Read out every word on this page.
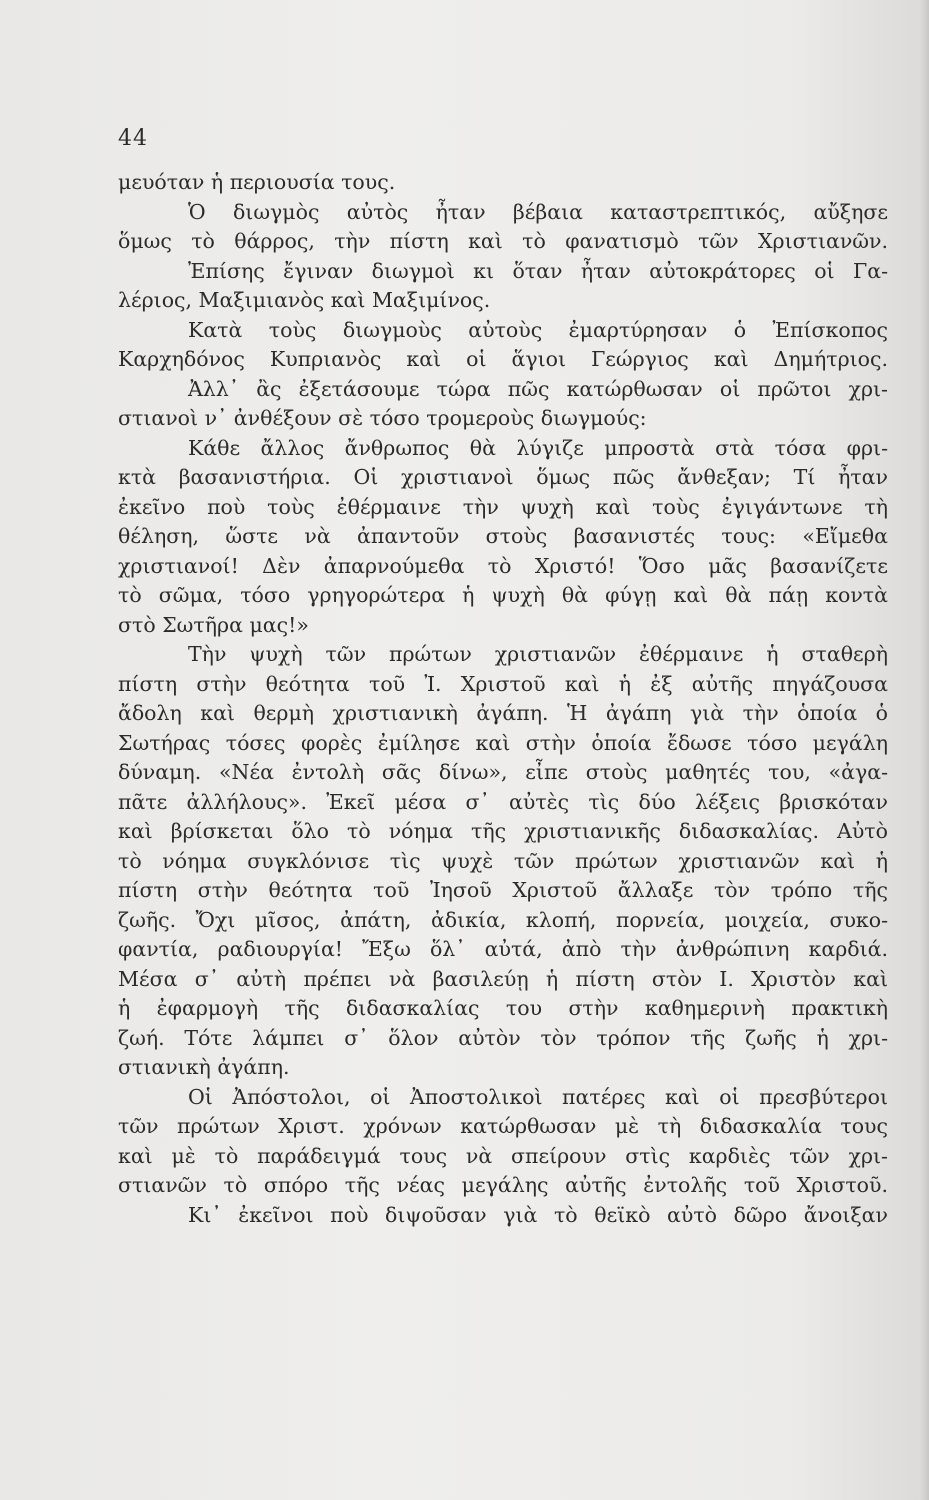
44
μευόταν ἡ περιουσία τους.
Ὁ διωγμὸς αὐτὸς ἦταν βέβαια καταστρεπτικός, αὔξησε
ὅμως τὸ θάρρος, τὴν πίστη καὶ τὸ φανατισμὸ τῶν Χριστιανῶν.
Ἐπίσης ἔγιναν διωγμοὶ κι ὅταν ἦταν αὐτοκράτορες οἱ Γα-
λέριος, Μαξιμιανὸς καὶ Μαξιμίνος.
Κατὰ τοὺς διωγμοὺς αὐτοὺς ἐμαρτύρησαν ὁ Ἐπίσκοπος
Καρχηδόνος Κυπριανὸς καὶ οἱ ἅγιοι Γεώργιος καὶ Δημήτριος.
Ἀλλ᾽ ἂς ἐξετάσουμε τώρα πῶς κατώρθωσαν οἱ πρῶτοι χρι-
στιανοὶ ν᾽ ἀνθέξουν σὲ τόσο τρομεροὺς διωγμούς:
Κάθε ἄλλος ἄνθρωπος θὰ λύγιζε μπροστὰ στὰ τόσα φρι-
κτὰ βασανιστήρια. Οἱ χριστιανοὶ ὅμως πῶς ἄνθεξαν; Τί ἦταν
ἐκεῖνο ποὺ τοὺς ἐθέρμαινε τὴν ψυχὴ καὶ τοὺς ἐγιγάντωνε τὴ
θέληση, ὥστε νὰ ἀπαντοῦν στοὺς βασανιστές τους: «Εἴμεθα
χριστιανοί! Δὲν ἀπαρνούμεθα τὸ Χριστό! Ὅσο μᾶς βασανίζετε
τὸ σῶμα, τόσο γρηγορώτερα ἡ ψυχὴ θὰ φύγῃ καὶ θὰ πάῃ κοντὰ
στὸ Σωτῆρα μας!»
Τὴν ψυχὴ τῶν πρώτων χριστιανῶν ἐθέρμαινε ἡ σταθερὴ
πίστη στὴν θεότητα τοῦ Ἰ. Χριστοῦ καὶ ἡ ἐξ αὐτῆς πηγάζουσα
ἄδολη καὶ θερμὴ χριστιανικὴ ἀγάπη. Ἡ ἀγάπη γιὰ τὴν ὁποία ὁ
Σωτήρας τόσες φορὲς ἐμίλησε καὶ στὴν ὁποία ἔδωσε τόσο μεγάλη
δύναμη. «Νέα ἐντολὴ σᾶς δίνω», εἶπε στοὺς μαθητές του, «ἀγα-
πᾶτε ἀλλήλους». Ἐκεῖ μέσα σ᾽ αὐτὲς τὶς δύο λέξεις βρισκόταν
καὶ βρίσκεται ὅλο τὸ νόημα τῆς χριστιανικῆς διδασκαλίας. Αὐτὸ
τὸ νόημα συγκλόνισε τὶς ψυχὲ τῶν πρώτων χριστιανῶν καὶ ἡ
πίστη στὴν θεότητα τοῦ Ἰησοῦ Χριστοῦ ἄλλαξε τὸν τρόπο τῆς
ζωῆς. Ὄχι μῖσος, ἀπάτη, ἀδικία, κλοπή, πορνεία, μοιχεία, συκο-
φαντία, ραδιουργία! Ἔξω ὅλ᾽ αὐτά, ἀπὸ τὴν ἀνθρώπινη καρδιά.
Μέσα σ᾽ αὐτὴ πρέπει νὰ βασιλεύῃ ἡ πίστη στὸν Ι. Χριστὸν καὶ
ἡ ἐφαρμογὴ τῆς διδασκαλίας του στὴν καθημερινὴ πρακτικὴ
ζωή. Τότε λάμπει σ᾽ ὅλον αὐτὸν τὸν τρόπον τῆς ζωῆς ἡ χρι-
στιανικὴ ἀγάπη.
Οἱ Ἀπόστολοι, οἱ Ἀποστολικοὶ πατέρες καὶ οἱ πρεσβύτεροι
τῶν πρώτων Χριστ. χρόνων κατώρθωσαν μὲ τὴ διδασκαλία τους
καὶ μὲ τὸ παράδειγμά τους νὰ σπείρουν στὶς καρδιὲς τῶν χρι-
στιανῶν τὸ σπόρο τῆς νέας μεγάλης αὐτῆς ἐντολῆς τοῦ Χριστοῦ.
Κι᾽ ἐκεῖνοι ποὺ διψοῦσαν γιὰ τὸ θεϊκὸ αὐτὸ δῶρο ἄνοιξαν
